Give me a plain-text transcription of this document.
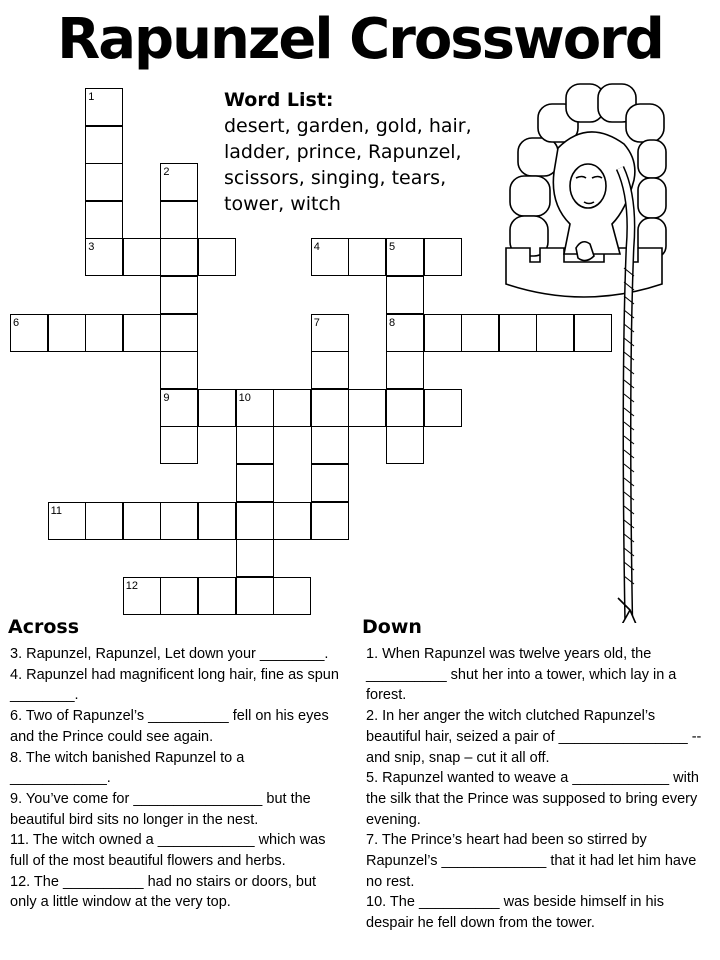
Rapunzel Crossword
1
2
3	4	5
6	7	8
9	10
11
12
Word List:
desert, garden, gold, hair,
ladder, prince, Rapunzel,
scissors, singing, tears,
tower, witch
Across	Down

3. Rapunzel, Rapunzel, Let down your ________.

4. Rapunzel had magnificent long hair, fine as spun ________.

6. Two of Rapunzel’s __________ fell on his eyes and the Prince could see again.

8. The witch banished Rapunzel to a ____________.

9. You’ve come for ________________ but the beautiful bird sits no longer in the nest.

11. The witch owned a ____________ which was full of the most beautiful flowers and herbs.

12. The __________ had no stairs or doors, but only a little window at the very top.

1. When Rapunzel was twelve years old, the __________ shut her into a tower, which lay in a forest.

2. In her anger the witch clutched Rapunzel’s beautiful hair, seized a pair of ________________ -- and snip, snap – cut it all off.

5. Rapunzel wanted to weave a ____________ with the silk that the Prince was supposed to bring every evening.

7. The Prince’s heart had been so stirred by Rapunzel’s _____________ that it had let him have no rest.

10. The __________ was beside himself in his despair he fell down from the tower.
